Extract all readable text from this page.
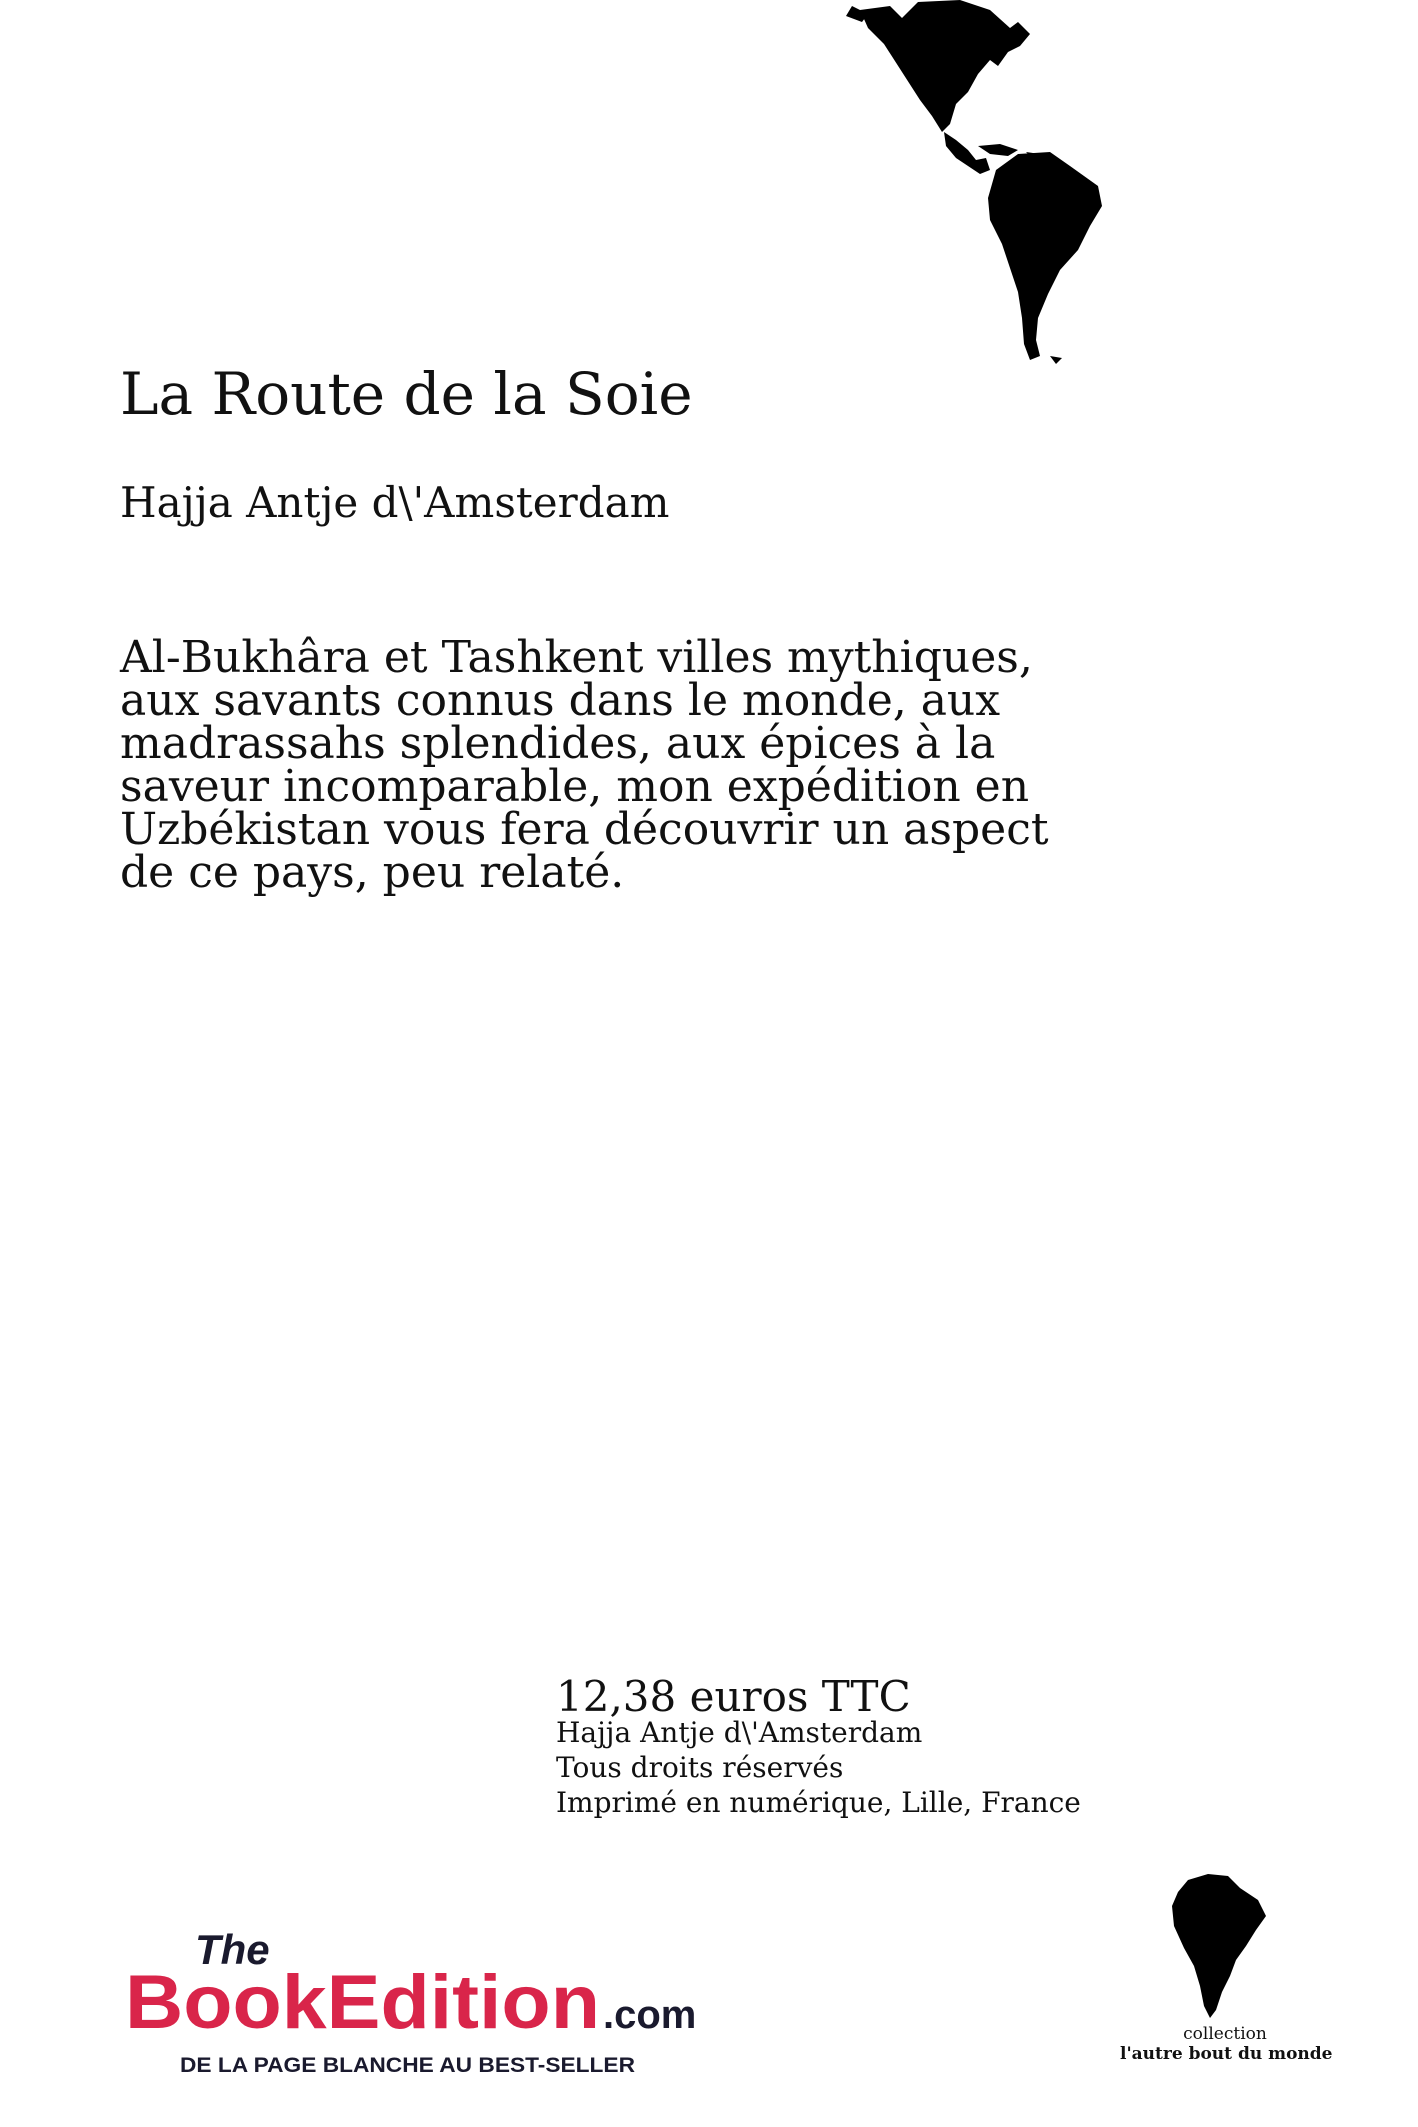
La Route de la Soie
Hajja Antje d\'Amsterdam

Al-Bukhâra et Tashkent villes mythiques,
aux savants connus dans le monde, aux
madrassahs splendides, aux épices à la
saveur incomparable, mon expédition en
Uzbékistan vous fera découvrir un aspect
de ce pays, peu relaté.

12,38 euros TTC
Hajja Antje d\'Amsterdam
Tous droits réservés
Imprimé en numérique, Lille, France
The
BookEdition .com
DE LA PAGE BLANCHE AU BEST-SELLER
collection
l'autre bout du monde
